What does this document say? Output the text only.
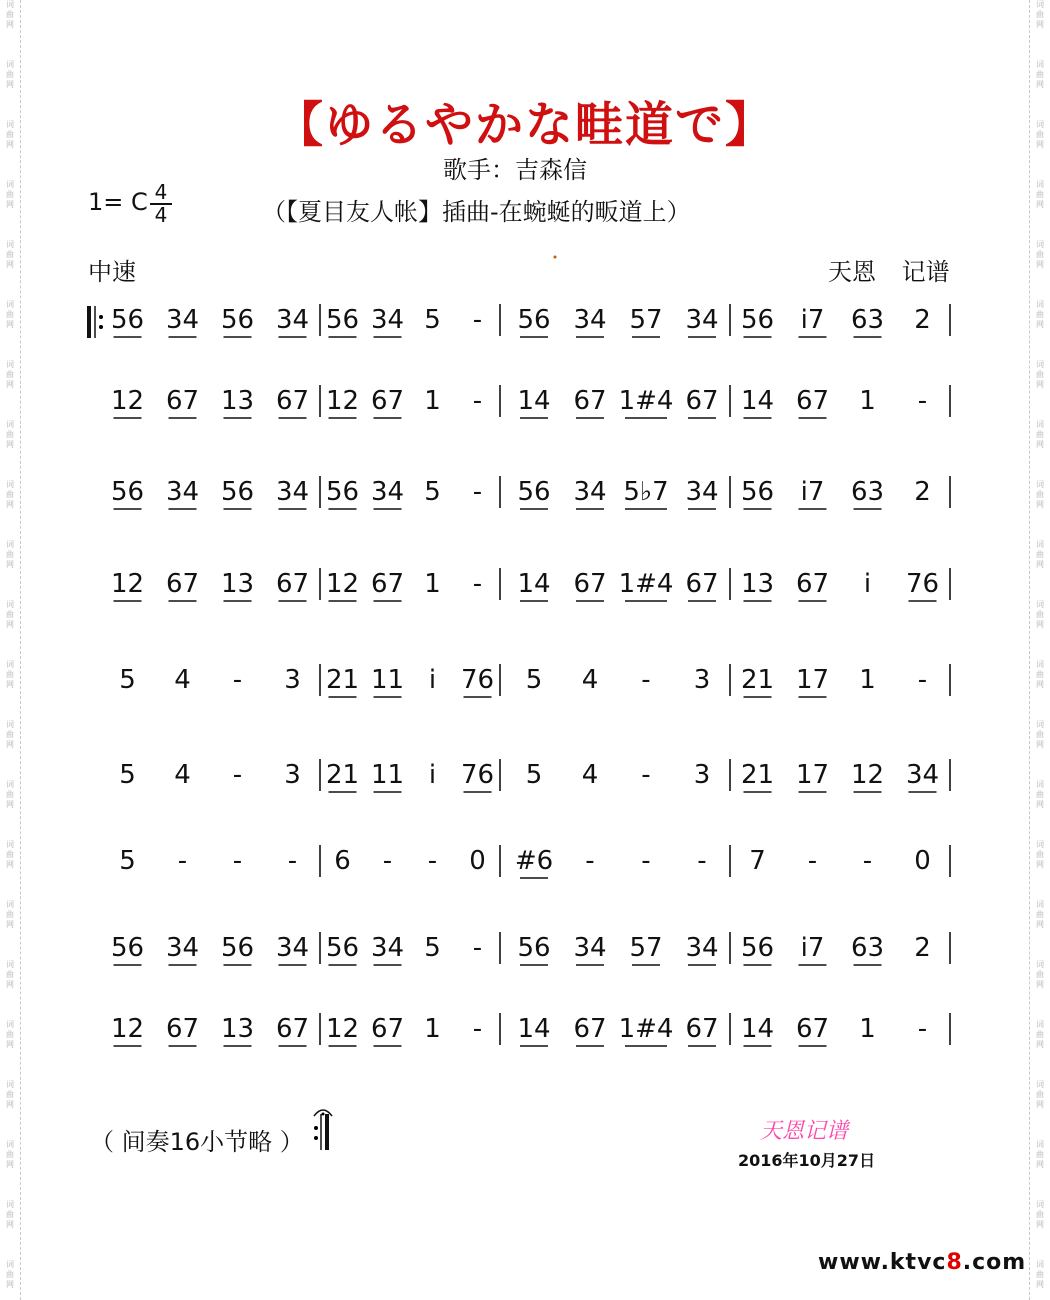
词
曲
网
词
曲
网
词
曲
网
词
曲
网
词
曲
网
词
曲
网
词
曲
网
词
曲
网
词
曲
网
词
曲
网
词
曲
网
词
曲
网
词
曲
网
词
曲
网
词
曲
网
词
曲
网
词
曲
网
词
曲
网
词
曲
网
词
曲
网
词
曲
网
词
曲
网
词
曲
网
词
曲
网
词
曲
网
词
曲
网
词
曲
网
词
曲
网
词
曲
网
词
曲
网
词
曲
网
词
曲
网
词
曲
网
词
曲
网
词
曲
网
词
曲
网
词
曲
网
词
曲
网
词
曲
网
词
曲
网
词
曲
网
词
曲
网
词
曲
网
词
曲
网
【ゆるやかな畦道で】
歌手：吉森信
1= C 4
4	（【夏目友人帐】插曲-在蜿蜒的畈道上）
中速	天恩 记谱
56 34 56 34 56 34 5 - 56 34 57 34 56 i7 63 2
12 67 13 67 12 67 1 - 14 67 1#4 67 14 67 1 -
56 34 56 34 56 34 5 - 56 34 5♭7 34 56 i7 63 2
12 67 13 67 12 67 1 - 14 67 1#4 67 13 67 i 76
5 4 - 3 21 11 i 76 5 4 - 3 21 17 1 -
5 4 - 3 21 11 i 76 5 4 - 3 21 17 12 34
5 - - - 6 - - 0 #6 - - - 7 - - 0
56 34 56 34 56 34 5 - 56 34 57 34 56 i7 63 2
12 67 13 67 12 67 1 - 14 67 1#4 67 14 67 1 -
（ 间奏16小节略 ）	天恩记谱
2016年10月27日
www.ktvc8.com
